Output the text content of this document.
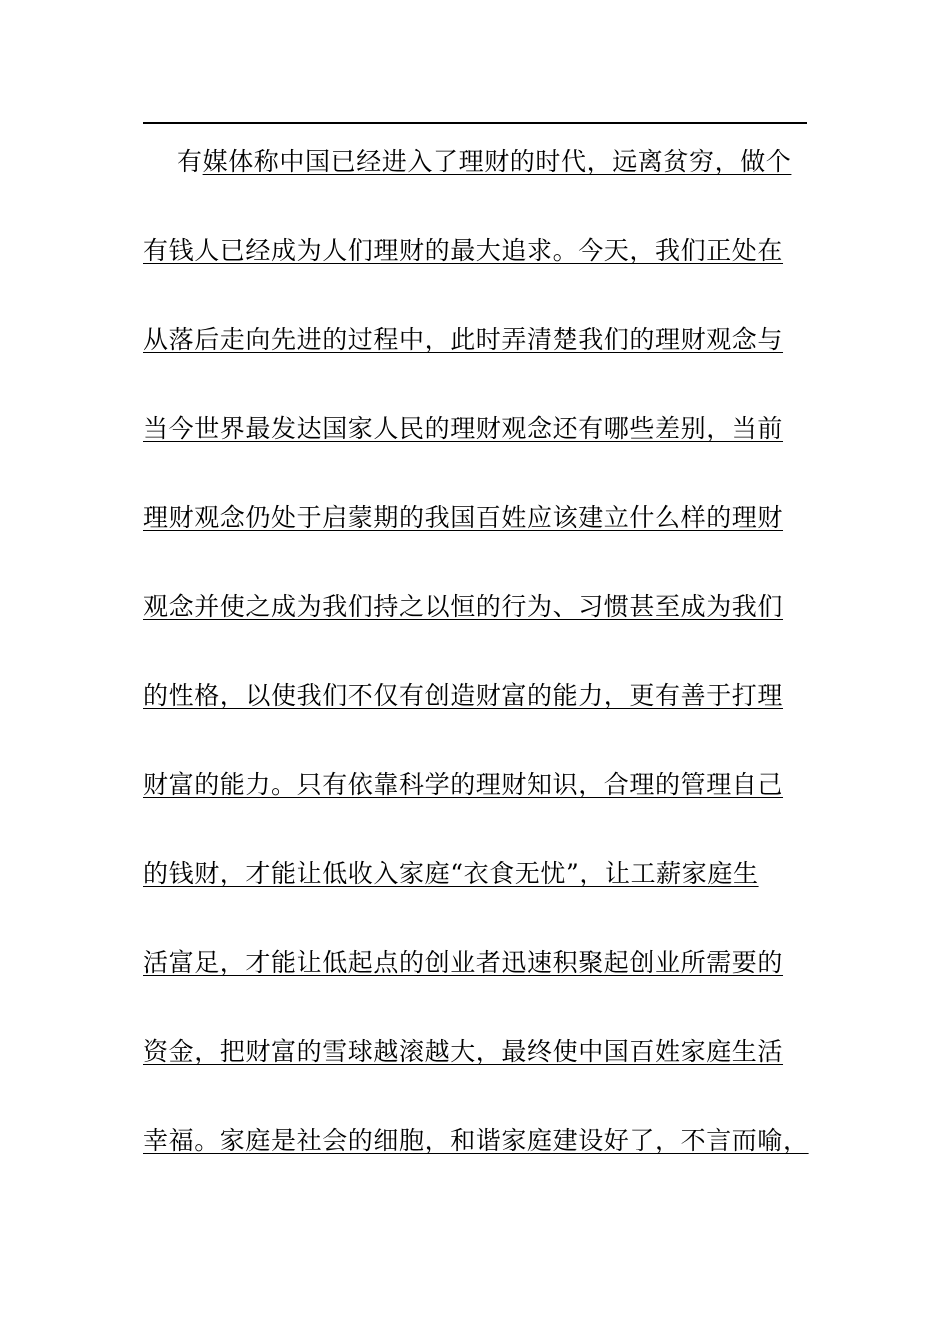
有媒体称中国已经进入了理财的时代，远离贫穷，做个
有钱人已经成为人们理财的最大追求。今天，我们正处在
从落后走向先进的过程中，此时弄清楚我们的理财观念与
当今世界最发达国家人民的理财观念还有哪些差别，当前
理财观念仍处于启蒙期的我国百姓应该建立什么样的理财
观念并使之成为我们持之以恒的行为、习惯甚至成为我们
的性格，以使我们不仅有创造财富的能力，更有善于打理
财富的能力。只有依靠科学的理财知识，合理的管理自己
的钱财，才能让低收入家庭“衣食无忧”，让工薪家庭生
活富足，才能让低起点的创业者迅速积聚起创业所需要的
资金，把财富的雪球越滚越大，最终使中国百姓家庭生活
幸福。家庭是社会的细胞，和谐家庭建设好了，不言而喻，
